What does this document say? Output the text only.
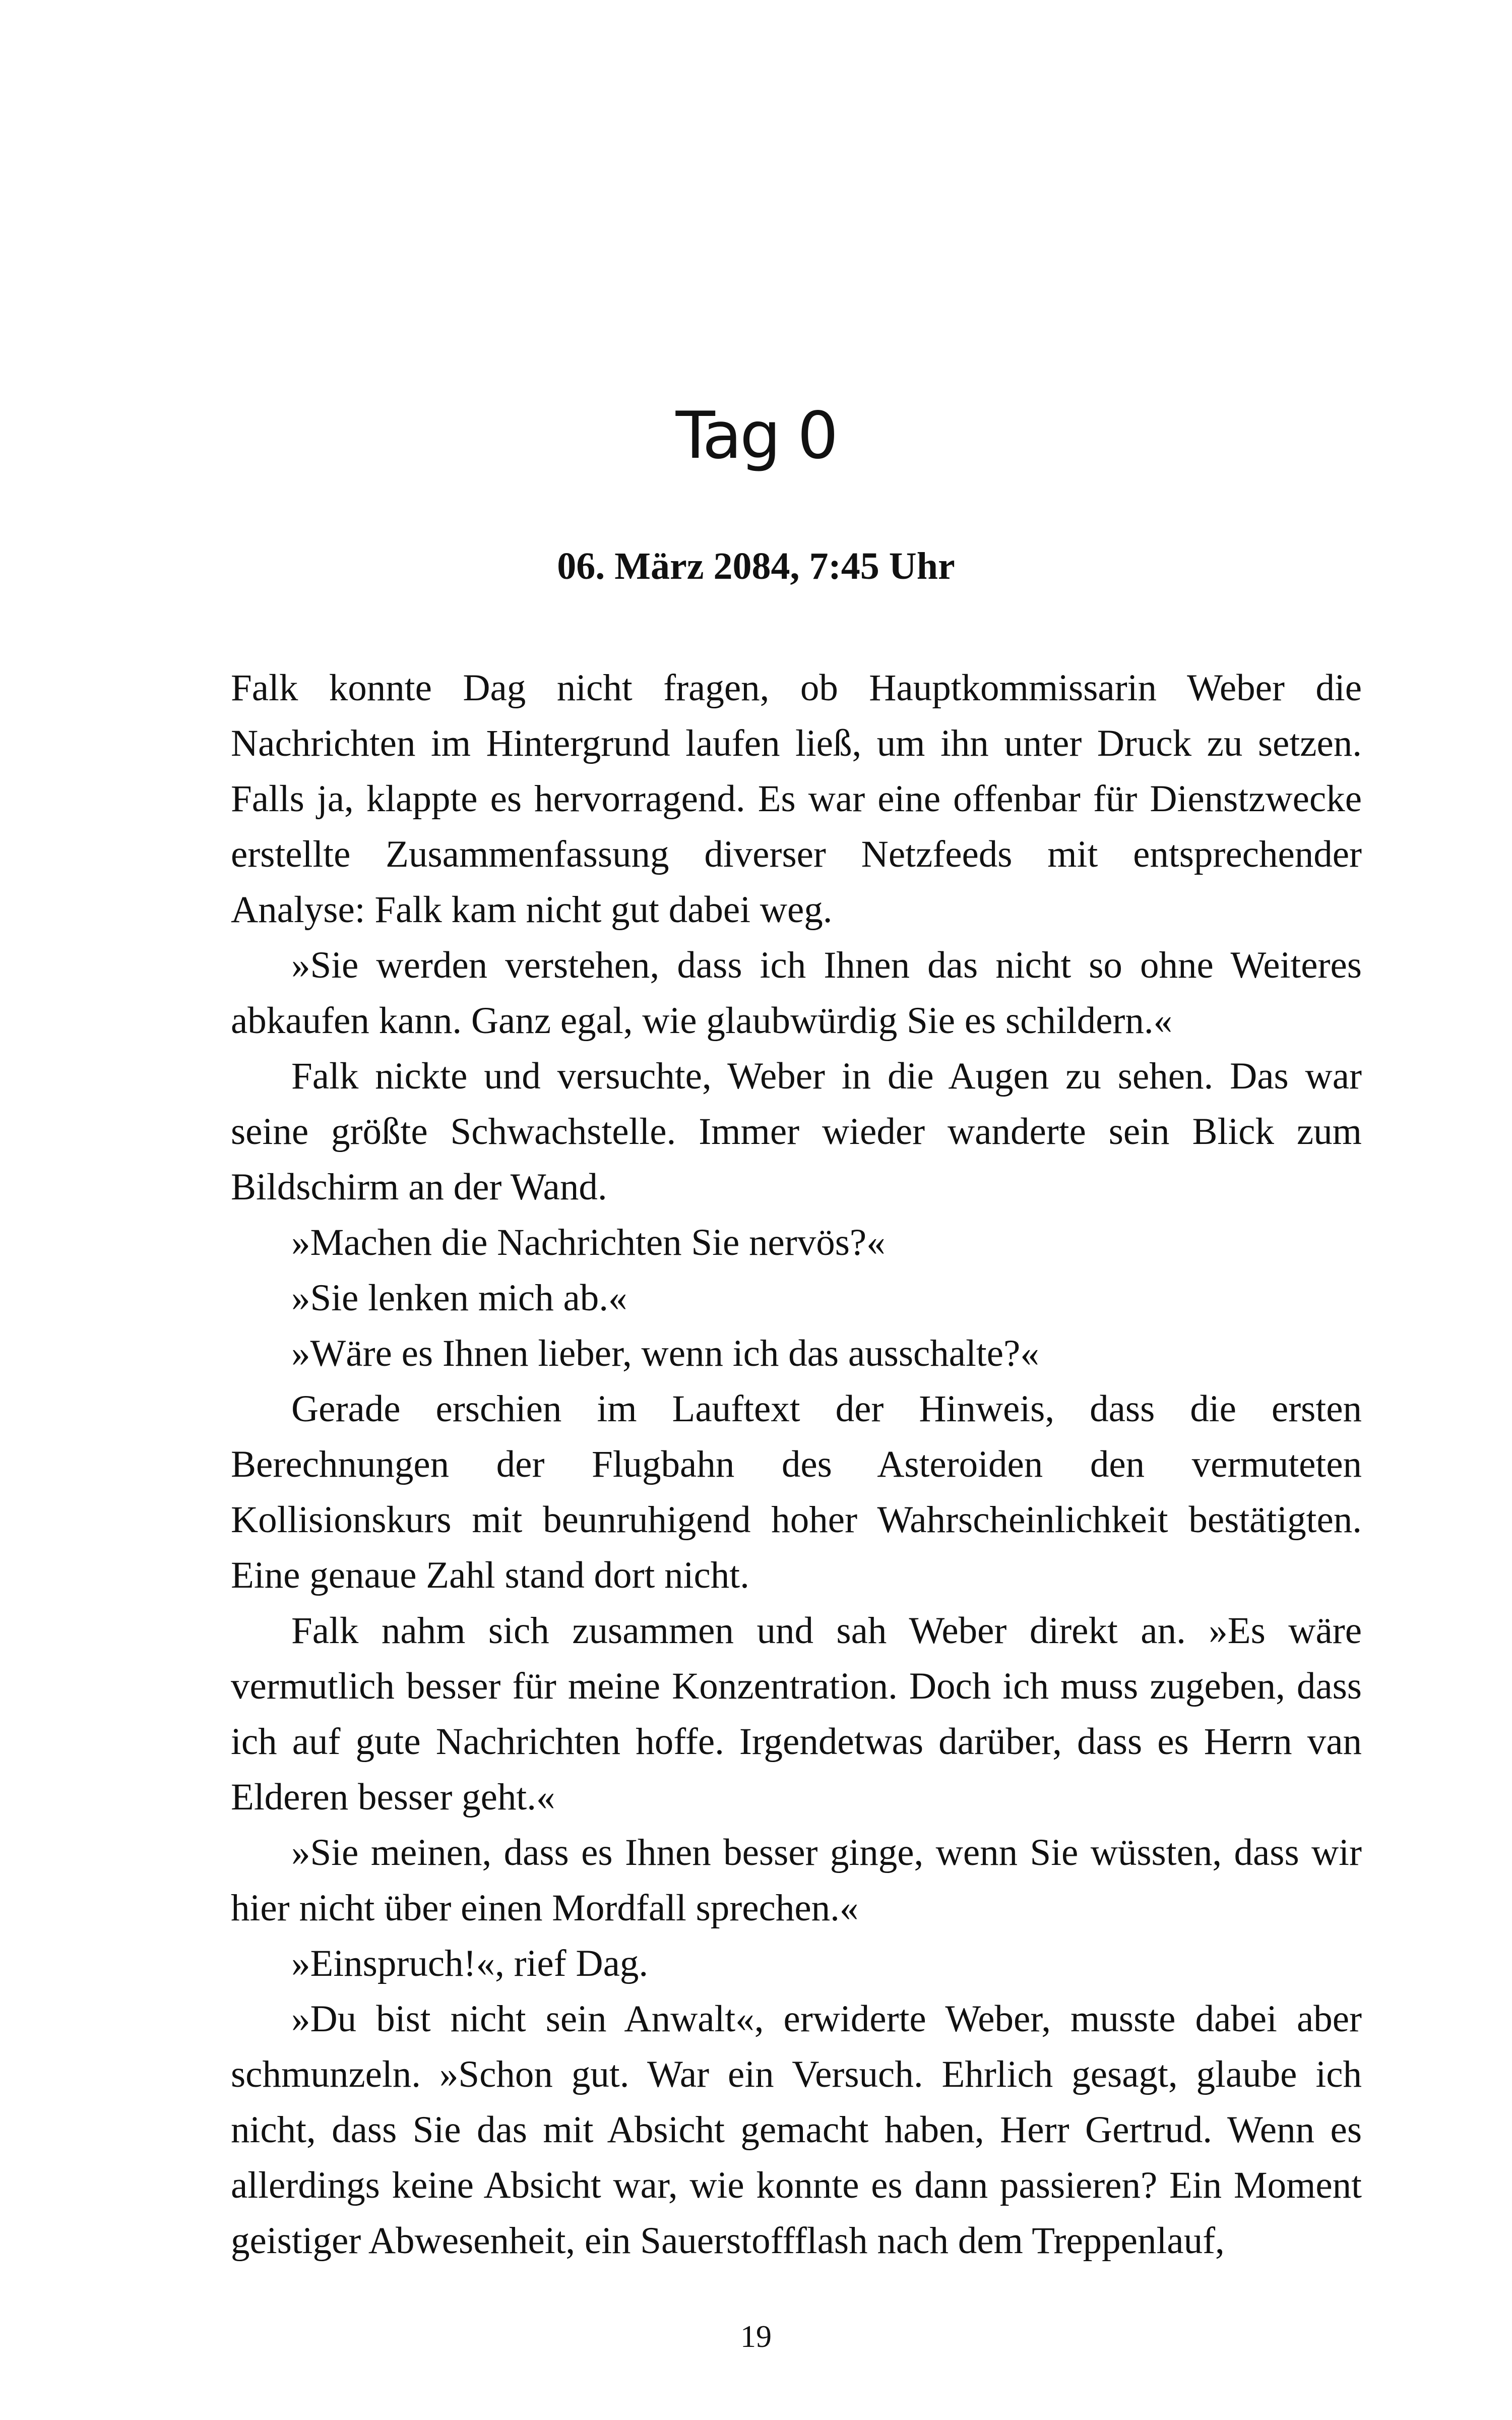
Tag 0
06. März 2084, 7:45 Uhr

Falk konnte Dag nicht fragen, ob Hauptkommissarin Weber die Nachrichten im Hintergrund laufen ließ, um ihn unter Druck zu setzen. Falls ja, klappte es hervorragend. Es war eine offenbar für Dienstzwecke erstellte Zusammenfassung diverser Netzfeeds mit entsprechender Analyse: Falk kam nicht gut dabei weg.

»Sie werden verstehen, dass ich Ihnen das nicht so ohne Weiteres abkaufen kann. Ganz egal, wie glaubwürdig Sie es schildern.«

Falk nickte und versuchte, Weber in die Augen zu sehen. Das war seine größte Schwachstelle. Immer wieder wanderte sein Blick zum Bildschirm an der Wand.

»Machen die Nachrichten Sie nervös?«

»Sie lenken mich ab.«

»Wäre es Ihnen lieber, wenn ich das ausschalte?«

Gerade erschien im Lauftext der Hinweis, dass die ersten Berechnungen der Flugbahn des Asteroiden den vermuteten Kollisionskurs mit beunruhigend hoher Wahrscheinlichkeit bestätigten. Eine genaue Zahl stand dort nicht.

Falk nahm sich zusammen und sah Weber direkt an. »Es wäre vermutlich besser für meine Konzentration. Doch ich muss zugeben, dass ich auf gute Nachrichten hoffe. Irgendetwas darüber, dass es Herrn van Elderen besser geht.«

»Sie meinen, dass es Ihnen besser ginge, wenn Sie wüssten, dass wir hier nicht über einen Mordfall sprechen.«

»Einspruch!«, rief Dag.

»Du bist nicht sein Anwalt«, erwiderte Weber, musste dabei aber schmunzeln. »Schon gut. War ein Versuch. Ehrlich gesagt, glaube ich nicht, dass Sie das mit Absicht gemacht haben, Herr Gertrud. Wenn es allerdings keine Absicht war, wie konnte es dann passieren? Ein Moment geistiger Abwesenheit, ein Sauerstoffflash nach dem Treppenlauf,

19
